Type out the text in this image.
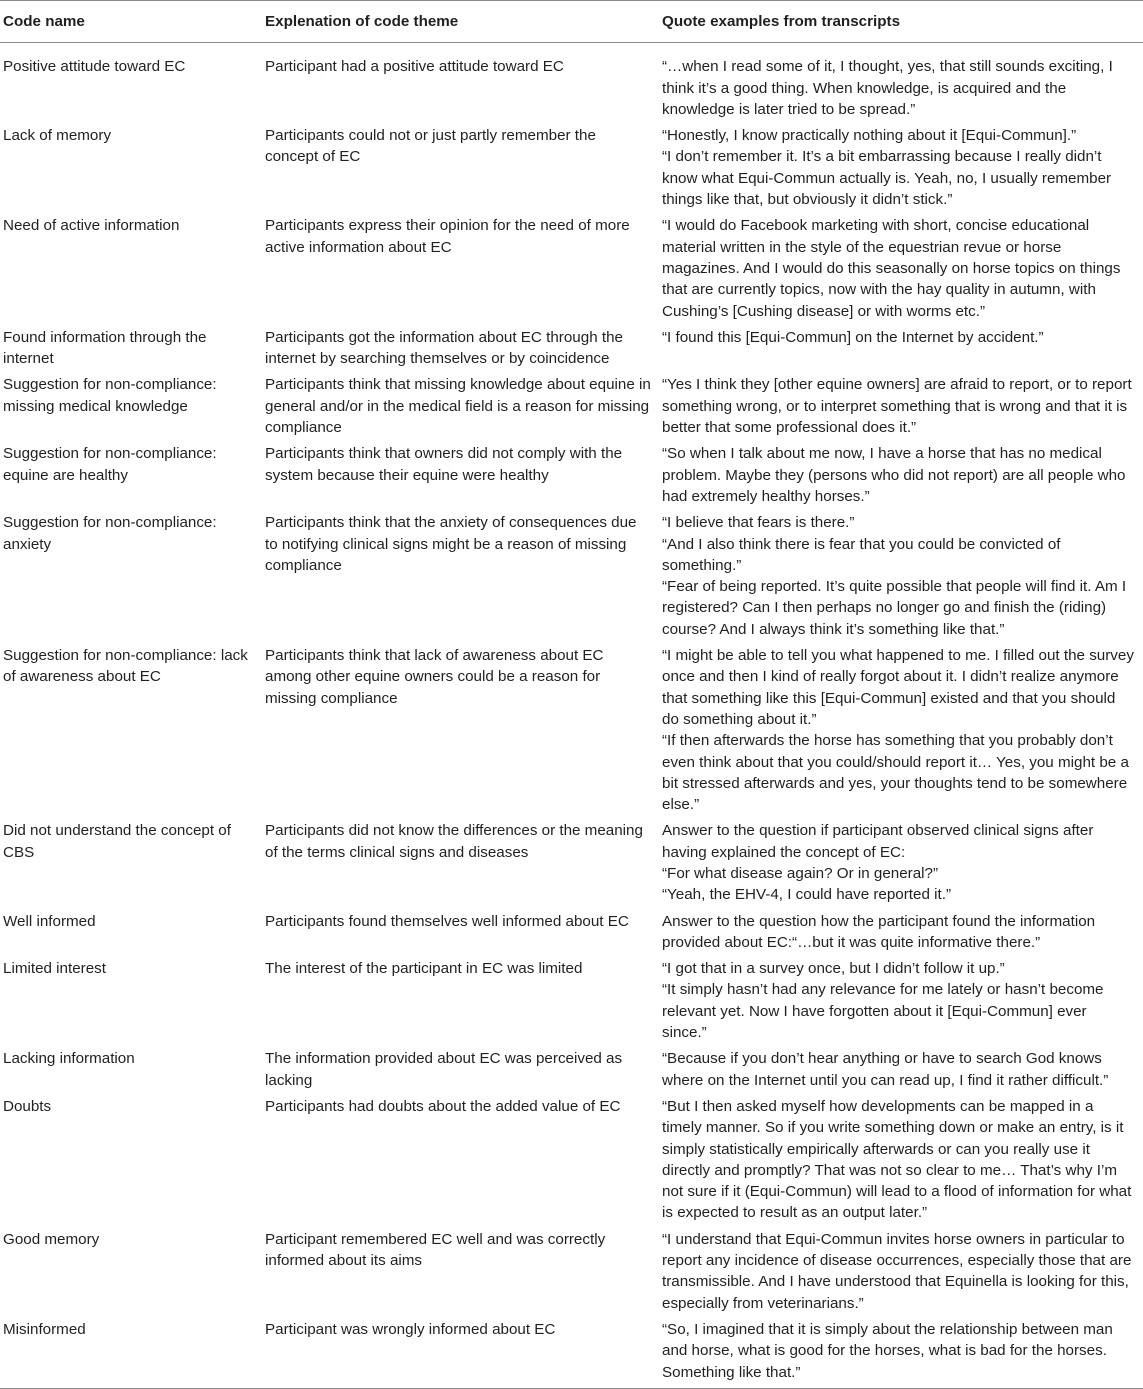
Code name	Explenation of code theme	Quote examples from transcripts
Positive attitude toward EC	Participant had a positive attitude toward EC	“…when I read some of it, I thought, yes, that still sounds exciting, I think it’s a good thing. When knowledge, is acquired and the knowledge is later tried to be spread.”

Lack of memory	Participants could not or just partly remember the concept of EC	“Honestly, I know practically nothing about it [Equi-Commun].”
“I don’t remember it. It’s a bit embarrassing because I really didn’t know what Equi-Commun actually is. Yeah, no, I usually remember things like that, but obviously it didn’t stick.”

Need of active information	Participants express their opinion for the need of more active information about EC	“I would do Facebook marketing with short, concise educational material written in the style of the equestrian revue or horse magazines. And I would do this seasonally on horse topics on things that are currently topics, now with the hay quality in autumn, with Cushing’s [Cushing disease] or with worms etc.”

Found information through the internet	Participants got the information about EC through the internet by searching themselves or by coincidence	“I found this [Equi-Commun] on the Internet by accident.”

Suggestion for non-compliance: missing medical knowledge	Participants think that missing knowledge about equine in general and/or in the medical field is a reason for missing compliance	“Yes I think they [other equine owners] are afraid to report, or to report something wrong, or to interpret something that is wrong and that it is better that some professional does it.”

Suggestion for non-compliance: equine are healthy	Participants think that owners did not comply with the system because their equine were healthy	“So when I talk about me now, I have a horse that has no medical problem. Maybe they (persons who did not report) are all people who had extremely healthy horses.”

Suggestion for non-compliance: anxiety	Participants think that the anxiety of consequences due to notifying clinical signs might be a reason of missing compliance	“I believe that fears is there.”
“And I also think there is fear that you could be convicted of something.”
“Fear of being reported. It’s quite possible that people will find it. Am I registered? Can I then perhaps no longer go and finish the (riding) course? And I always think it’s something like that.”

Suggestion for non-compliance: lack of awareness about EC	Participants think that lack of awareness about EC among other equine owners could be a reason for missing compliance	“I might be able to tell you what happened to me. I filled out the survey once and then I kind of really forgot about it. I didn’t realize anymore that something like this [Equi-Commun] existed and that you should do something about it.”
“If then afterwards the horse has something that you probably don’t even think about that you could/should report it… Yes, you might be a bit stressed afterwards and yes, your thoughts tend to be somewhere else.”

Did not understand the concept of CBS	Participants did not know the differences or the meaning of the terms clinical signs and diseases	Answer to the question if participant observed clinical signs after having explained the concept of EC:
“For what disease again? Or in general?”
“Yeah, the EHV-4, I could have reported it.”

Well informed	Participants found themselves well informed about EC	Answer to the question how the participant found the information provided about EC:“…but it was quite informative there.”

Limited interest	The interest of the participant in EC was limited	“I got that in a survey once, but I didn’t follow it up.”
“It simply hasn’t had any relevance for me lately or hasn’t become relevant yet. Now I have forgotten about it [Equi-Commun] ever since.”

Lacking information	The information provided about EC was perceived as lacking	“Because if you don’t hear anything or have to search God knows where on the Internet until you can read up, I find it rather difficult.”

Doubts	Participants had doubts about the added value of EC	“But I then asked myself how developments can be mapped in a timely manner. So if you write something down or make an entry, is it simply statistically empirically afterwards or can you really use it directly and promptly? That was not so clear to me… That’s why I’m not sure if it (Equi-Commun) will lead to a flood of information for what is expected to result as an output later.”

Good memory	Participant remembered EC well and was correctly informed about its aims	“I understand that Equi-Commun invites horse owners in particular to report any incidence of disease occurrences, especially those that are transmissible. And I have understood that Equinella is looking for this, especially from veterinarians.”

Misinformed	Participant was wrongly informed about EC	“So, I imagined that it is simply about the relationship between man and horse, what is good for the horses, what is bad for the horses. Something like that.”
